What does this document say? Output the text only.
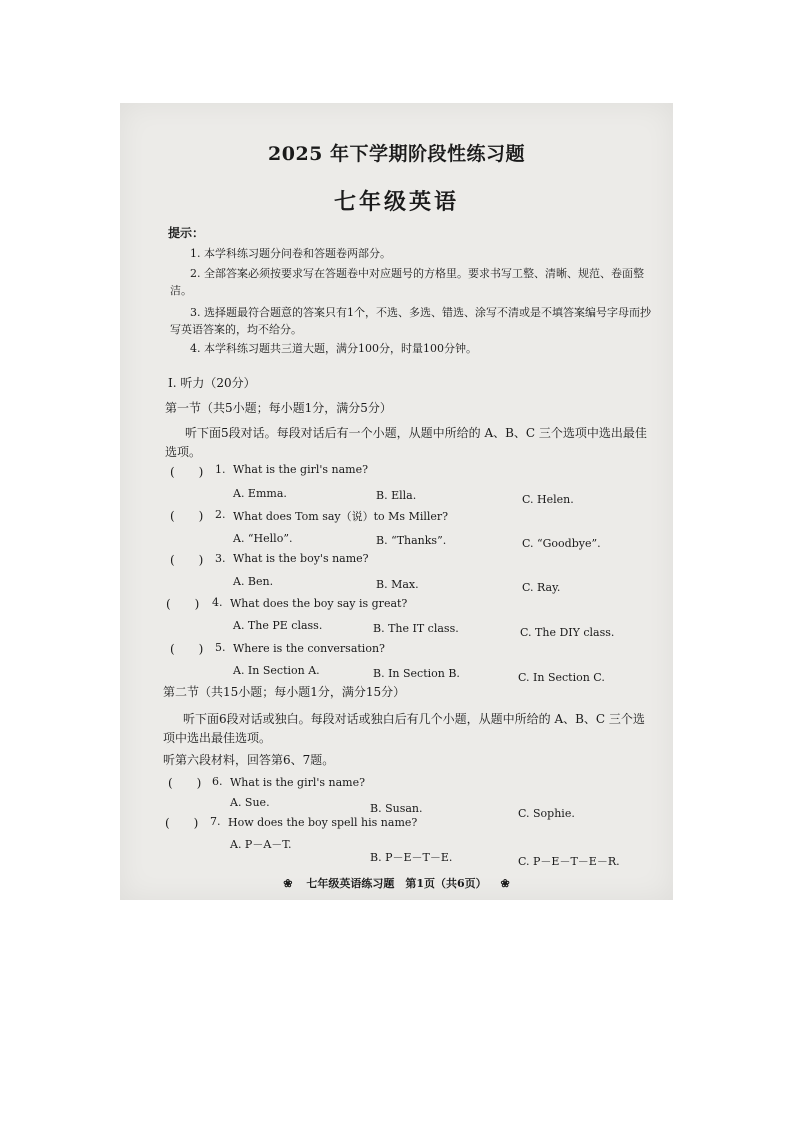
（　）　　　　　　　　　　
2025 年下学期阶段性练习题
七年级英语
提示：
1. 本学科练习题分问卷和答题卷两部分。
2. 全部答案必须按要求写在答题卷中对应题号的方格里。要求书写工整、清晰、规范、卷面整洁。
3. 选择题最符合题意的答案只有1个，不选、多选、错选、涂写不清或是不填答案编号字母而抄写英语答案的，均不给分。
4. 本学科练习题共三道大题，满分100分，时量100分钟。
Ⅰ. 听力（20分）
第一节（共5小题；每小题1分，满分5分）
听下面5段对话。每段对话后有一个小题，从题中所给的 A、B、C 三个选项中选出最佳选项。
(　　) 1. What is the girl's name?
A. Emma.	B. Ella.	C. Helen.
(　　) 2. What does Tom say（说）to Ms Miller?
A. “Hello”.	B. “Thanks”.	C. “Goodbye”.
(　　) 3. What is the boy's name?
A. Ben.	B. Max.	C. Ray.
(　　) 4. What does the boy say is great?
A. The PE class.	B. The IT class.	C. The DIY class.
(　　) 5. Where is the conversation?
A. In Section A.	B. In Section B.	C. In Section C.
第二节（共15小题；每小题1分，满分15分）
听下面6段对话或独白。每段对话或独白后有几个小题，从题中所给的 A、B、C 三个选项中选出最佳选项。
听第六段材料，回答第6、7题。
(　　) 6. What is the girl's name?
A. Sue.	B. Susan.	C. Sophie.
(　　) 7. How does the boy spell his name?
A. P－A－T.
B. P－E－T－E.	C. P－E－T－E－R.
❀ 七年级英语练习题　第1页（共6页） ❀
